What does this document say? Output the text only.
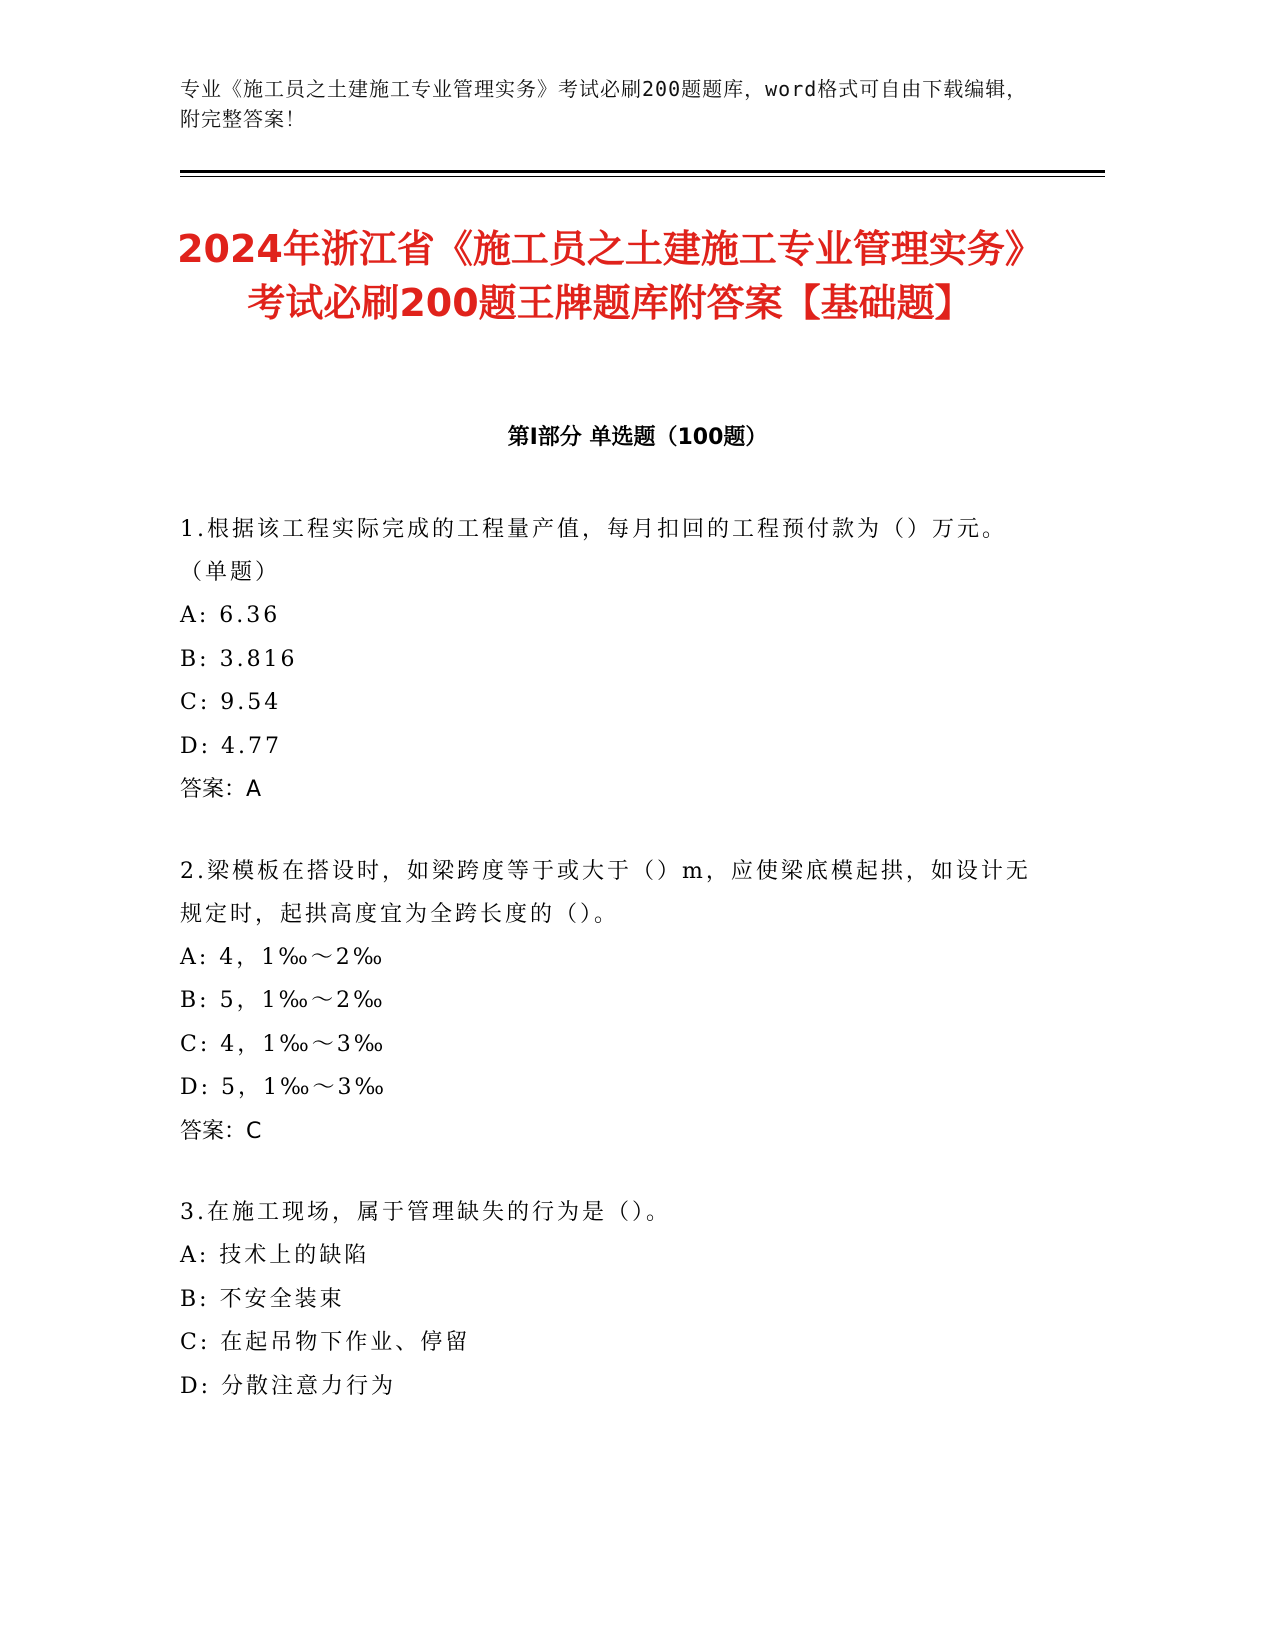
专业《施工员之土建施工专业管理实务》考试必刷200题题库，word格式可自由下载编辑，附完整答案！
2024年浙江省《施工员之土建施工专业管理实务》考试必刷200题王牌题库附答案【基础题】
第Ⅰ部分 单选题（100题）

1.根据该工程实际完成的工程量产值，每月扣回的工程预付款为（）万元。（单题）

A: 6.36

B: 3.816

C: 9.54

D: 4.77

答案：A

2.梁模板在搭设时，如梁跨度等于或大于（）m，应使梁底模起拱，如设计无规定时，起拱高度宜为全跨长度的（）。

A: 4，1‰～2‰

B: 5，1‰～2‰

C: 4，1‰～3‰

D: 5，1‰～3‰

答案：C

3.在施工现场，属于管理缺失的行为是（）。

A: 技术上的缺陷

B: 不安全装束

C: 在起吊物下作业、停留

D: 分散注意力行为
